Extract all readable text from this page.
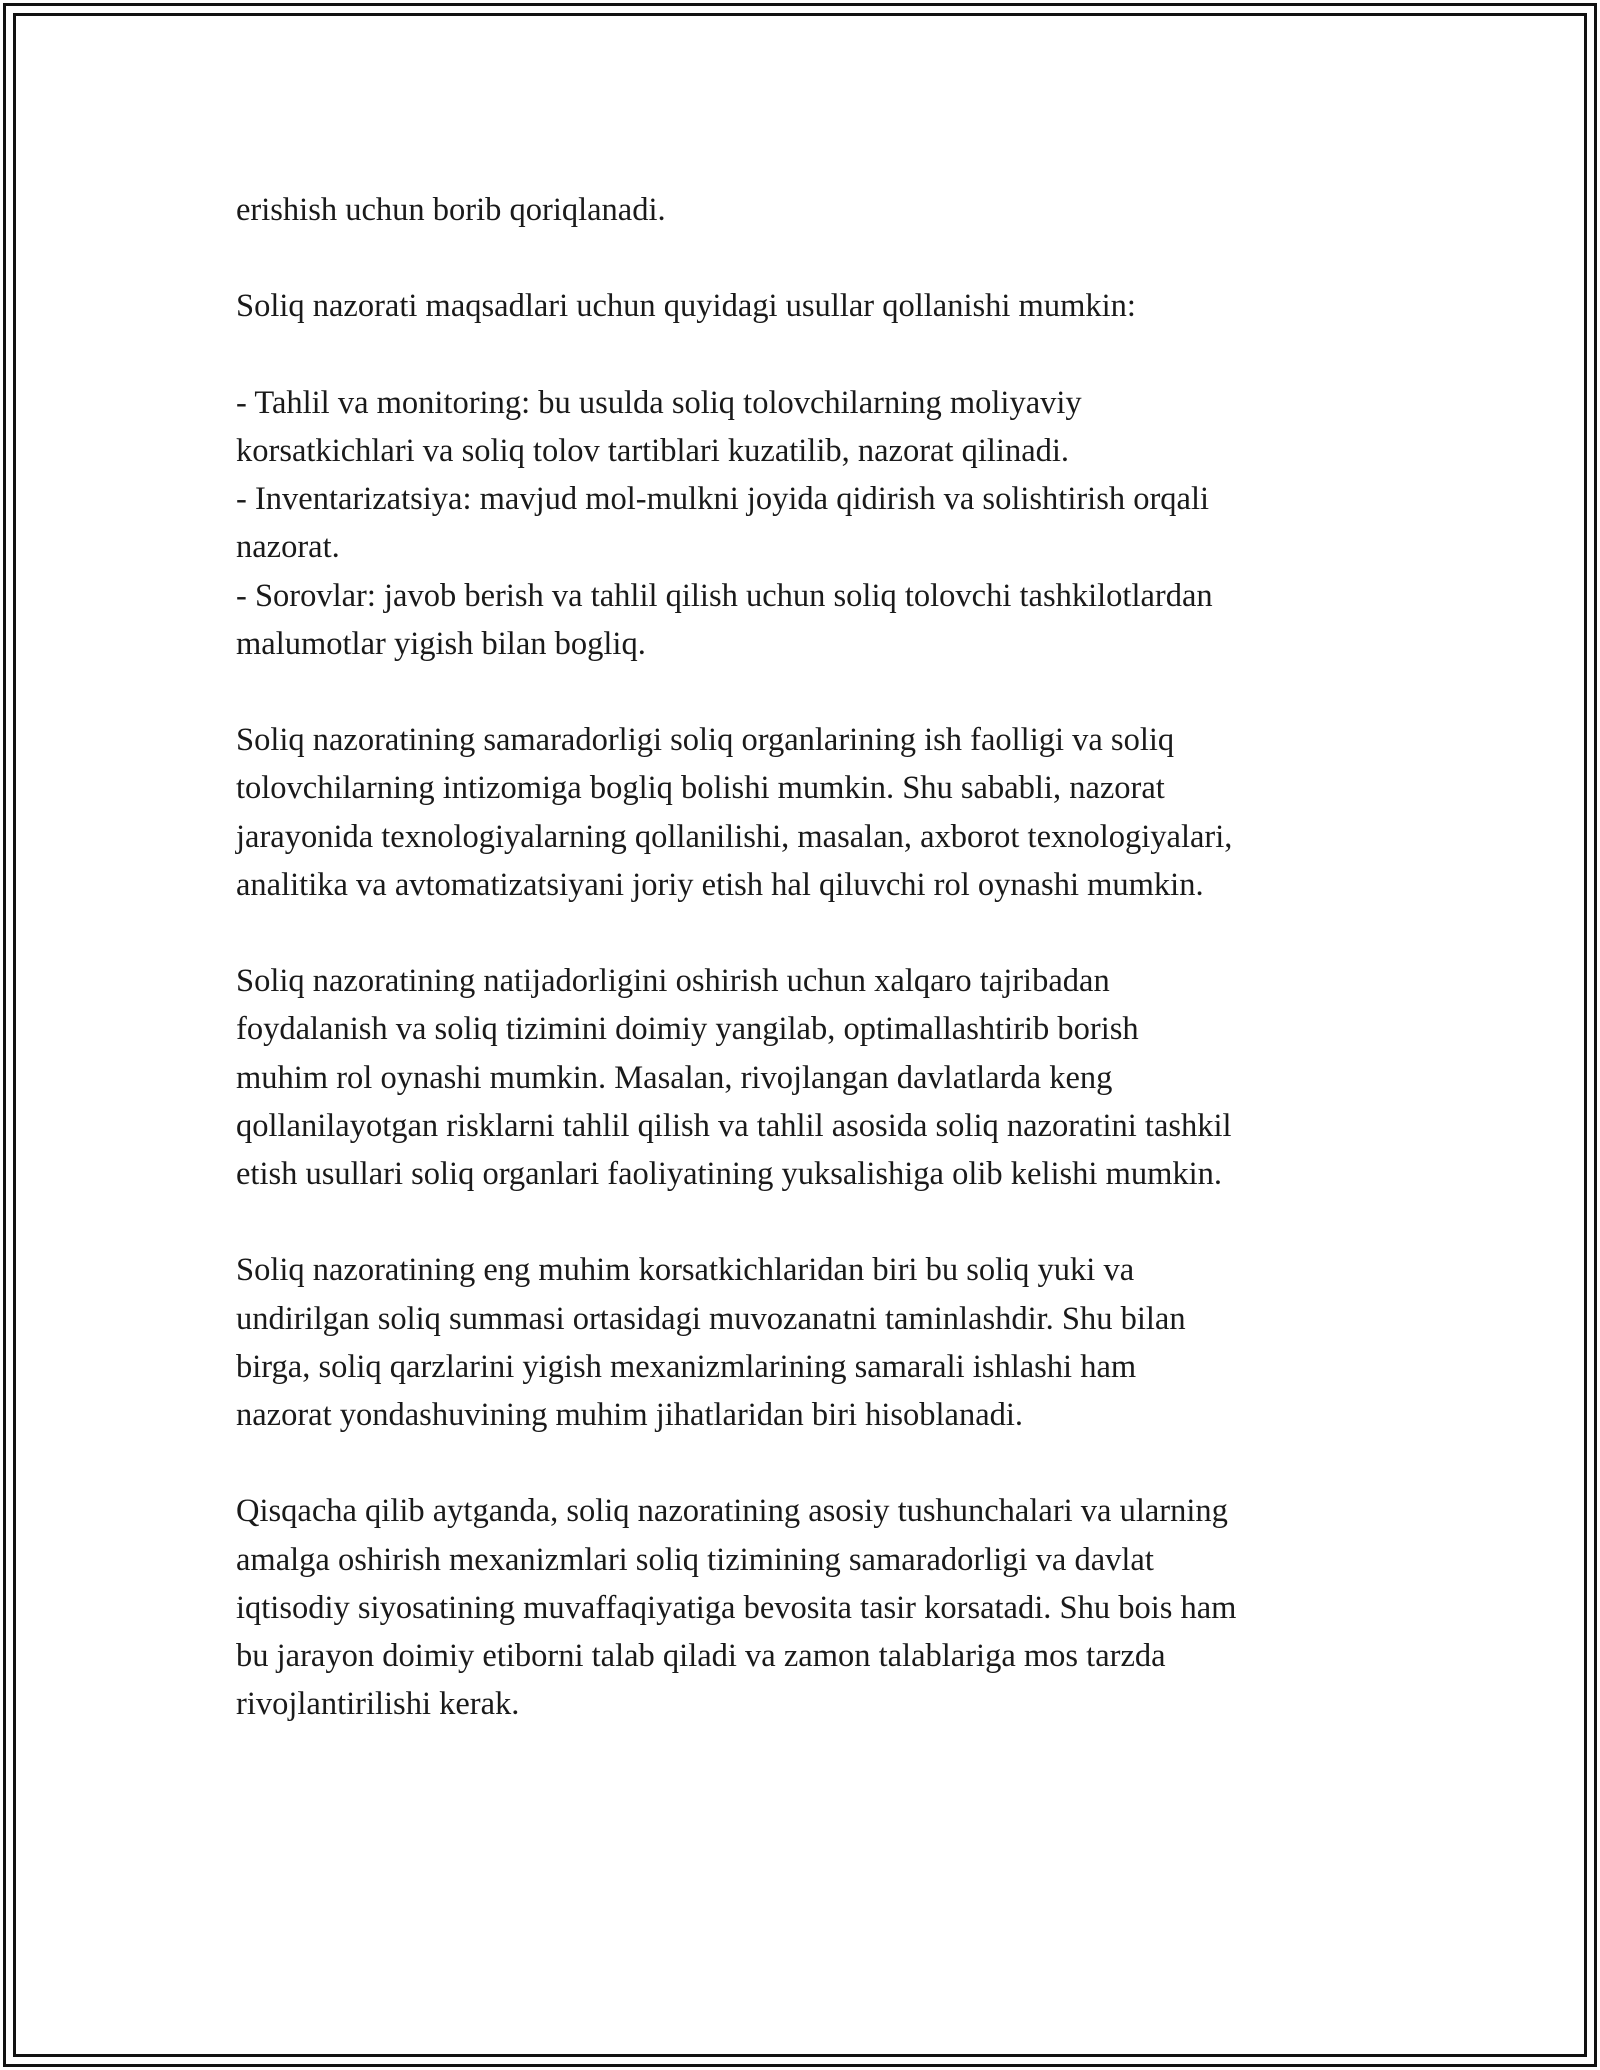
erishish uchun borib qoriqlanadi.

Soliq nazorati maqsadlari uchun quyidagi usullar qollanishi mumkin:

- Tahlil va monitoring: bu usulda soliq tolovchilarning moliyaviy
korsatkichlari va soliq tolov tartiblari kuzatilib, nazorat qilinadi.
- Inventarizatsiya: mavjud mol-mulkni joyida qidirish va solishtirish orqali
nazorat.
- Sorovlar: javob berish va tahlil qilish uchun soliq tolovchi tashkilotlardan
malumotlar yigish bilan bogliq.

Soliq nazoratining samaradorligi soliq organlarining ish faolligi va soliq
tolovchilarning intizomiga bogliq bolishi mumkin. Shu sababli, nazorat
jarayonida texnologiyalarning qollanilishi, masalan, axborot texnologiyalari,
analitika va avtomatizatsiyani joriy etish hal qiluvchi rol oynashi mumkin.

Soliq nazoratining natijadorligini oshirish uchun xalqaro tajribadan
foydalanish va soliq tizimini doimiy yangilab, optimallashtirib borish
muhim rol oynashi mumkin. Masalan, rivojlangan davlatlarda keng
qollanilayotgan risklarni tahlil qilish va tahlil asosida soliq nazoratini tashkil
etish usullari soliq organlari faoliyatining yuksalishiga olib kelishi mumkin.

Soliq nazoratining eng muhim korsatkichlaridan biri bu soliq yuki va
undirilgan soliq summasi ortasidagi muvozanatni taminlashdir. Shu bilan
birga, soliq qarzlarini yigish mexanizmlarining samarali ishlashi ham
nazorat yondashuvining muhim jihatlaridan biri hisoblanadi.

Qisqacha qilib aytganda, soliq nazoratining asosiy tushunchalari va ularning
amalga oshirish mexanizmlari soliq tizimining samaradorligi va davlat
iqtisodiy siyosatining muvaffaqiyatiga bevosita tasir korsatadi. Shu bois ham
bu jarayon doimiy etiborni talab qiladi va zamon talablariga mos tarzda
rivojlantirilishi kerak.
